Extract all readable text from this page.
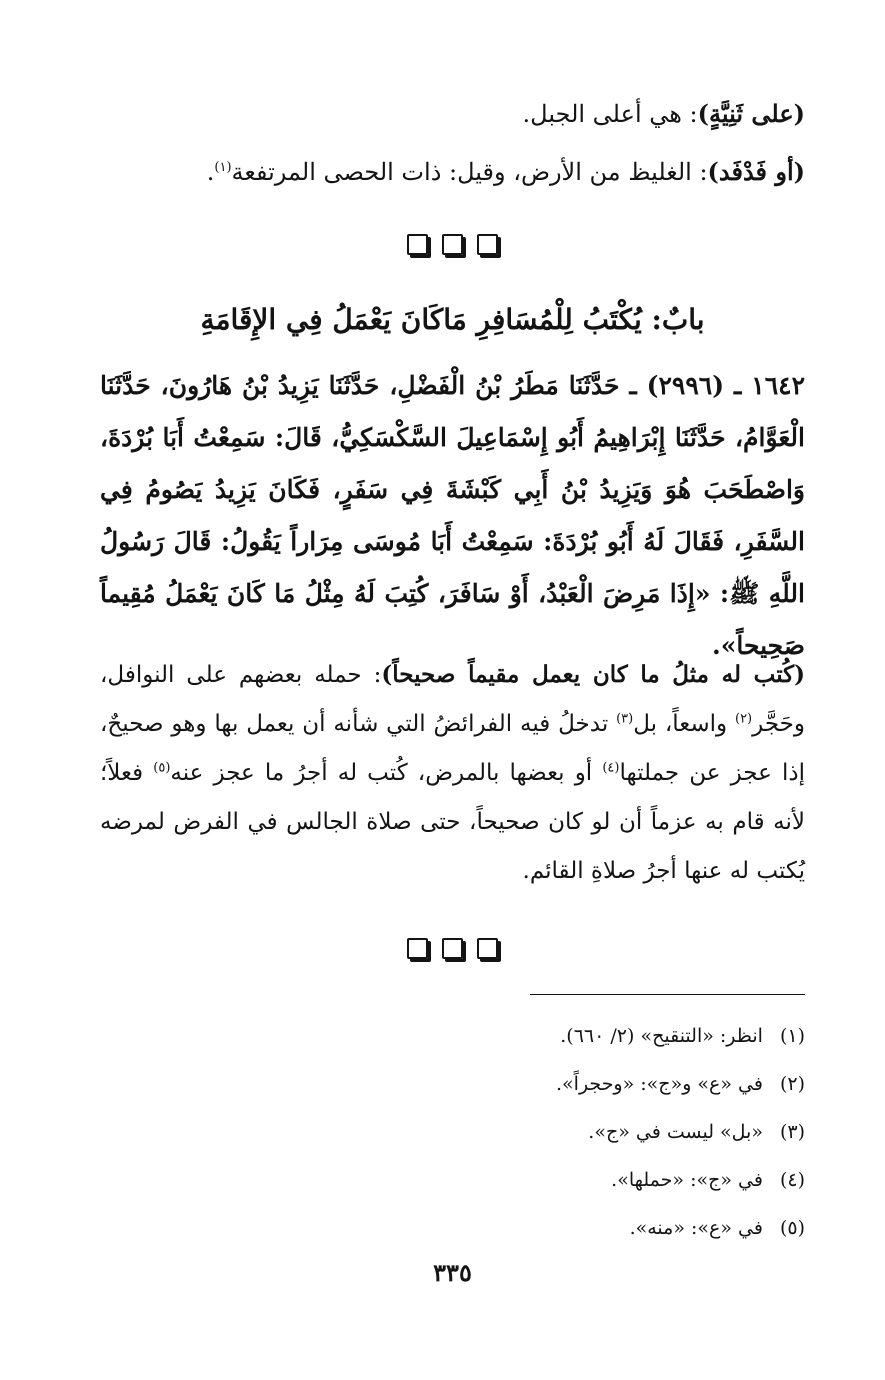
(على ثَنِيَّةٍ): هي أعلى الجبل.

(أو فَدْفَد): الغليظ من الأرض، وقيل: ذات الحصى المرتفعة$^{(١)}$.

بابٌ: يُكْتَبُ لِلْمُسَافِرِ مَاكَانَ يَعْمَلُ فِي الإِقَامَةِ

١٦٤٢ ـ (٢٩٩٦) ـ حَدَّثَنَا مَطَرُ بْنُ الْفَضْلِ، حَدَّثَنَا يَزِيدُ بْنُ هَارُونَ، حَدَّثَنَا الْعَوَّامُ، حَدَّثَنَا إِبْرَاهِيمُ أَبُو إِسْمَاعِيلَ السَّكْسَكِيُّ، قَالَ: سَمِعْتُ أَبَا بُرْدَةَ، وَاصْطَحَبَ هُوَ وَيَزِيدُ بْنُ أَبِي كَبْشَةَ فِي سَفَرٍ، فَكَانَ يَزِيدُ يَصُومُ فِي السَّفَرِ، فَقَالَ لَهُ أَبُو بُرْدَةَ: سَمِعْتُ أَبَا مُوسَى مِرَاراً يَقُولُ: قَالَ رَسُولُ اللَّهِ ﷺ: «إِذَا مَرِضَ الْعَبْدُ، أَوْ سَافَرَ، كُتِبَ لَهُ مِثْلُ مَا كَانَ يَعْمَلُ مُقِيماً صَحِيحاً».

(كُتب له مثلُ ما كان يعمل مقيماً صحيحاً): حمله بعضهم على النوافل، وحَجَّر$^{(٢)}$ واسعاً، بل$^{(٣)}$ تدخلُ فيه الفرائضُ التي شأنه أن يعمل بها وهو صحيحٌ، إذا عجز عن جملتها$^{(٤)}$ أو بعضها بالمرض، كُتب له أجرُ ما عجز عنه$^{(٥)}$ فعلاً؛ لأنه قام به عزماً أن لو كان صحيحاً، حتى صلاة الجالس في الفرض لمرضه يُكتب له عنها أجرُ صلاةِ القائم.

(١) انظر: «التنقيح» (٢/ ٦٦٠).
(٢) في «ع» و«ج»: «وحجراً».
(٣) «بل» ليست في «ج».
(٤) في «ج»: «حملها».
(٥) في «ع»: «منه».
٣٣٥
